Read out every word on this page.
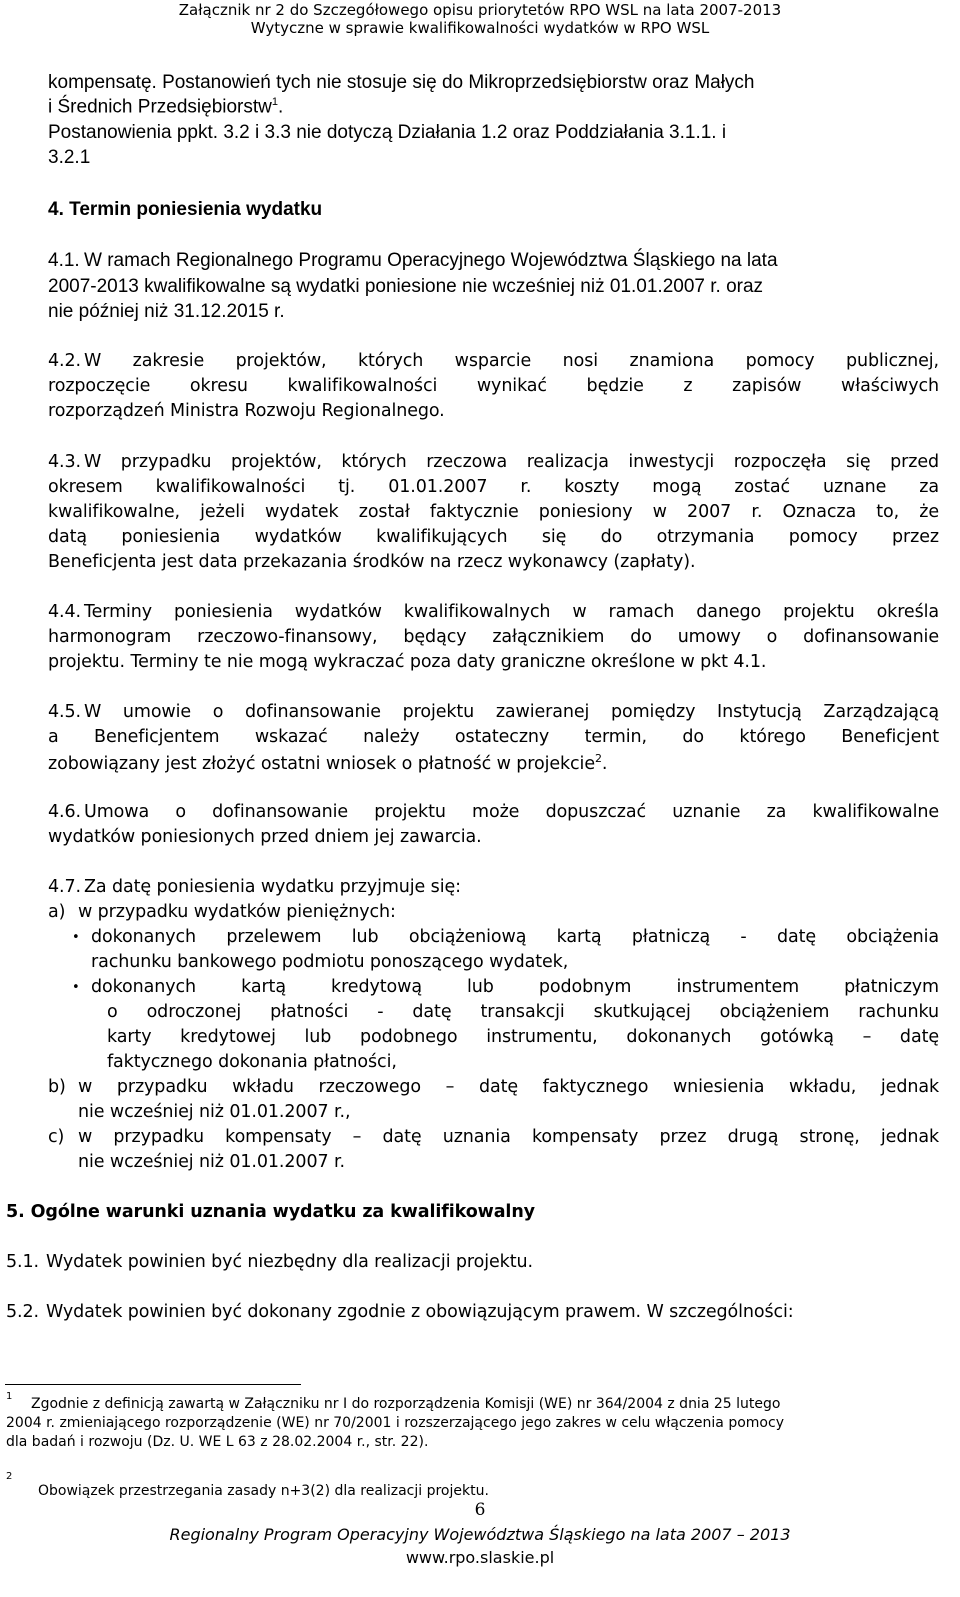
Załącznik nr 2 do Szczegółowego opisu priorytetów RPO WSL na lata 2007-2013
Wytyczne w sprawie kwalifikowalności wydatków w RPO WSL
kompensatę. Postanowień tych nie stosuje się do Mikroprzedsiębiorstw oraz Małych
i Średnich Przedsiębiorstw$^1$.
Postanowienia ppkt. 3.2 i 3.3 nie dotyczą Działania 1.2 oraz Poddziałania 3.1.1. i
3.2.1
4. Termin poniesienia wydatku
4.1. W ramach Regionalnego Programu Operacyjnego Województwa Śląskiego na lata
2007-2013 kwalifikowalne są wydatki poniesione nie wcześniej niż 01.01.2007 r. oraz
nie później niż 31.12.2015 r.
4.2. W zakresie projektów, których wsparcie nosi znamiona pomocy publicznej,
rozpoczęcie okresu kwalifikowalności wynikać będzie z zapisów właściwych
rozporządzeń Ministra Rozwoju Regionalnego.
4.3. W przypadku projektów, których rzeczowa realizacja inwestycji rozpoczęła się przed
okresem kwalifikowalności tj. 01.01.2007 r. koszty mogą zostać uznane za
kwalifikowalne, jeżeli wydatek został faktycznie poniesiony w 2007 r. Oznacza to, że
datą poniesienia wydatków kwalifikujących się do otrzymania pomocy przez
Beneficjenta jest data przekazania środków na rzecz wykonawcy (zapłaty).
4.4. Terminy poniesienia wydatków kwalifikowalnych w ramach danego projektu określa
harmonogram rzeczowo-finansowy, będący załącznikiem do umowy o dofinansowanie
projektu. Terminy te nie mogą wykraczać poza daty graniczne określone w pkt 4.1.
4.5. W umowie o dofinansowanie projektu zawieranej pomiędzy Instytucją Zarządzającą
a Beneficjentem wskazać należy ostateczny termin, do którego Beneficjent
zobowiązany jest złożyć ostatni wniosek o płatność w projekcie$^2$.
4.6. Umowa o dofinansowanie projektu może dopuszczać uznanie za kwalifikowalne
wydatków poniesionych przed dniem jej zawarcia.
4.7. Za datę poniesienia wydatku przyjmuje się:
a) w przypadku wydatków pieniężnych:
• dokonanych przelewem lub obciążeniową kartą płatniczą - datę obciążenia
rachunku bankowego podmiotu ponoszącego wydatek,
• dokonanych kartą kredytową lub podobnym instrumentem płatniczym
o odroczonej płatności - datę transakcji skutkującej obciążeniem rachunku
karty kredytowej lub podobnego instrumentu, dokonanych gotówką – datę
faktycznego dokonania płatności,
b) w przypadku wkładu rzeczowego – datę faktycznego wniesienia wkładu, jednak
nie wcześniej niż 01.01.2007 r.,
c) w przypadku kompensaty – datę uznania kompensaty przez drugą stronę, jednak
nie wcześniej niż 01.01.2007 r.
5. Ogólne warunki uznania wydatku za kwalifikowalny
5.1. Wydatek powinien być niezbędny dla realizacji projektu.
5.2. Wydatek powinien być dokonany zgodnie z obowiązującym prawem. W szczególności:
1 Zgodnie z definicją zawartą w Załączniku nr I do rozporządzenia Komisji (WE) nr 364/2004 z dnia 25 lutego
2004 r. zmieniającego rozporządzenie (WE) nr 70/2001 i rozszerzającego jego zakres w celu włączenia pomocy
dla badań i rozwoju (Dz. U. WE L 63 z 28.02.2004 r., str. 22).
2
Obowiązek przestrzegania zasady n+3(2) dla realizacji projektu.
6
Regionalny Program Operacyjny Województwa Śląskiego na lata 2007 – 2013
www.rpo.slaskie.pl
